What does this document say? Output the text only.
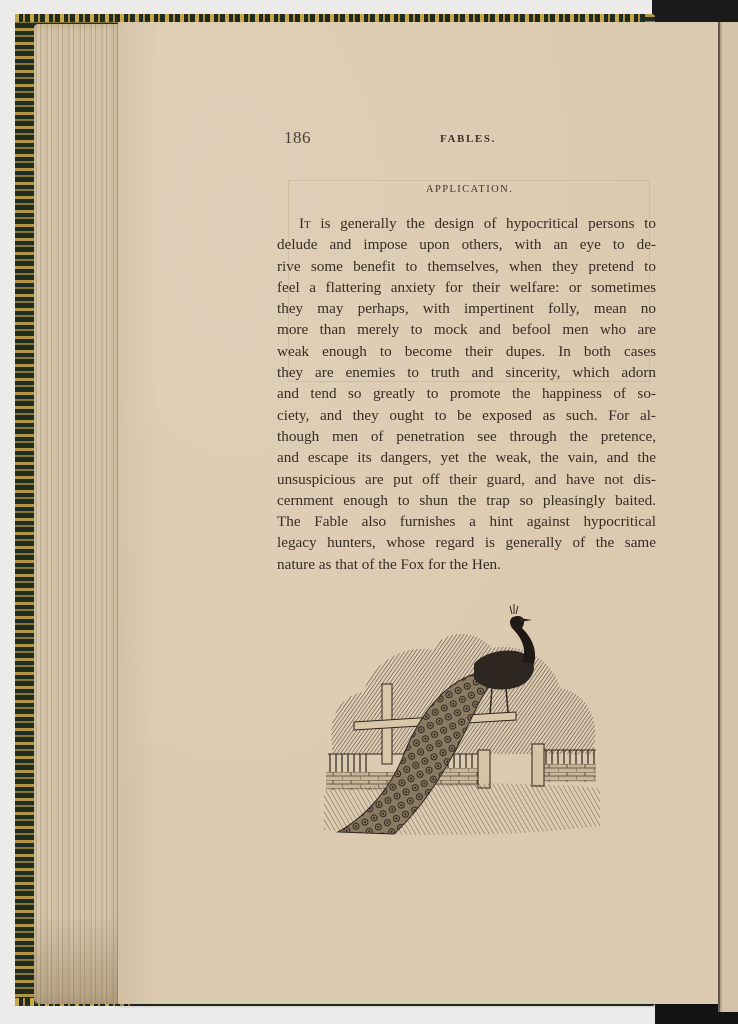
186	FABLES.
APPLICATION.
It is generally the design of hypocritical persons to
delude and impose upon others, with an eye to de-
rive some benefit to themselves, when they pretend to
feel a flattering anxiety for their welfare: or sometimes
they may perhaps, with impertinent folly, mean no
more than merely to mock and befool men who are
weak enough to become their dupes. In both cases
they are enemies to truth and sincerity, which adorn
and tend so greatly to promote the happiness of so-
ciety, and they ought to be exposed as such. For al-
though men of penetration see through the pretence,
and escape its dangers, yet the weak, the vain, and the
unsuspicious are put off their guard, and have not dis-
cernment enough to shun the trap so pleasingly baited.
The Fable also furnishes a hint against hypocritical
legacy hunters, whose regard is generally of the same
nature as that of the Fox for the Hen.
